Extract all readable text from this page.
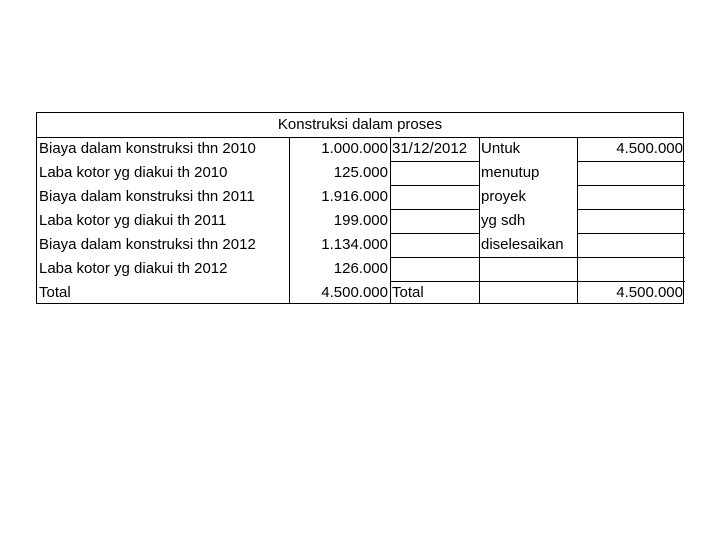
Konstruksi dalam proses
Biaya dalam konstruksi thn 2010
Laba kotor yg diakui th 2010
Biaya dalam konstruksi thn 2011
Laba kotor yg diakui th 2011
Biaya dalam konstruksi thn 2012
Laba kotor yg diakui th 2012
Total
1.000.000
125.000
1.916.000
199.000
1.134.000
126.000
4.500.000
31/12/2012 Untuk
menutup
proyek
yg sdh
diselesaikan
4.500.000
Total	4.500.000
